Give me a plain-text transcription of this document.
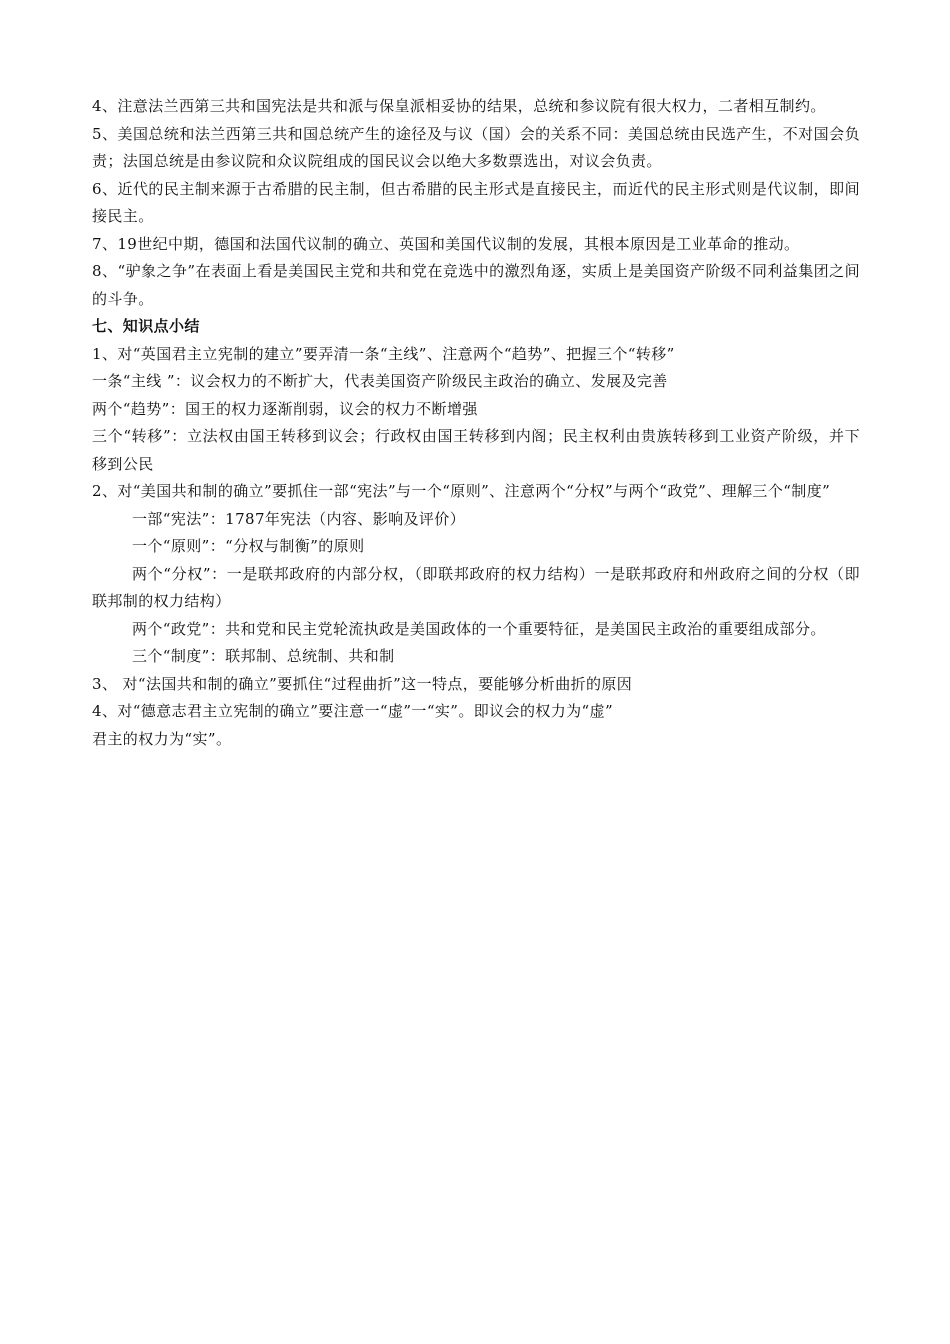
4、注意法兰西第三共和国宪法是共和派与保皇派相妥协的结果，总统和参议院有很大权力，二者相互制约。

5、美国总统和法兰西第三共和国总统产生的途径及与议（国）会的关系不同：美国总统由民选产生，不对国会负责；法国总统是由参议院和众议院组成的国民议会以绝大多数票选出，对议会负责。

6、近代的民主制来源于古希腊的民主制，但古希腊的民主形式是直接民主，而近代的民主形式则是代议制，即间接民主。

7、19世纪中期，德国和法国代议制的确立、英国和美国代议制的发展，其根本原因是工业革命的推动。

8、“驴象之争”在表面上看是美国民主党和共和党在竞选中的激烈角逐，实质上是美国资产阶级不同利益集团之间的斗争。

七、知识点小结

1、对“英国君主立宪制的建立”要弄清一条“主线”、注意两个“趋势”、把握三个“转移”

一条“主线 ”：议会权力的不断扩大，代表美国资产阶级民主政治的确立、发展及完善

两个“趋势”：国王的权力逐渐削弱，议会的权力不断增强

三个“转移”：立法权由国王转移到议会；行政权由国王转移到内阁；民主权利由贵族转移到工业资产阶级，并下移到公民

2、对“美国共和制的确立”要抓住一部“宪法”与一个“原则”、注意两个“分权”与两个“政党”、理解三个“制度”

一部“宪法”：1787年宪法（内容、影响及评价）

一个“原则”：“分权与制衡”的原则

两个“分权”：一是联邦政府的内部分权，（即联邦政府的权力结构）一是联邦政府和州政府之间的分权（即联邦制的权力结构）

两个“政党”：共和党和民主党轮流执政是美国政体的一个重要特征，是美国民主政治的重要组成部分。

三个“制度”：联邦制、总统制、共和制

3、 对“法国共和制的确立”要抓住“过程曲折”这一特点，要能够分析曲折的原因

4、对“德意志君主立宪制的确立”要注意一“虚”一“实”。即议会的权力为“虚”

君主的权力为“实”。
